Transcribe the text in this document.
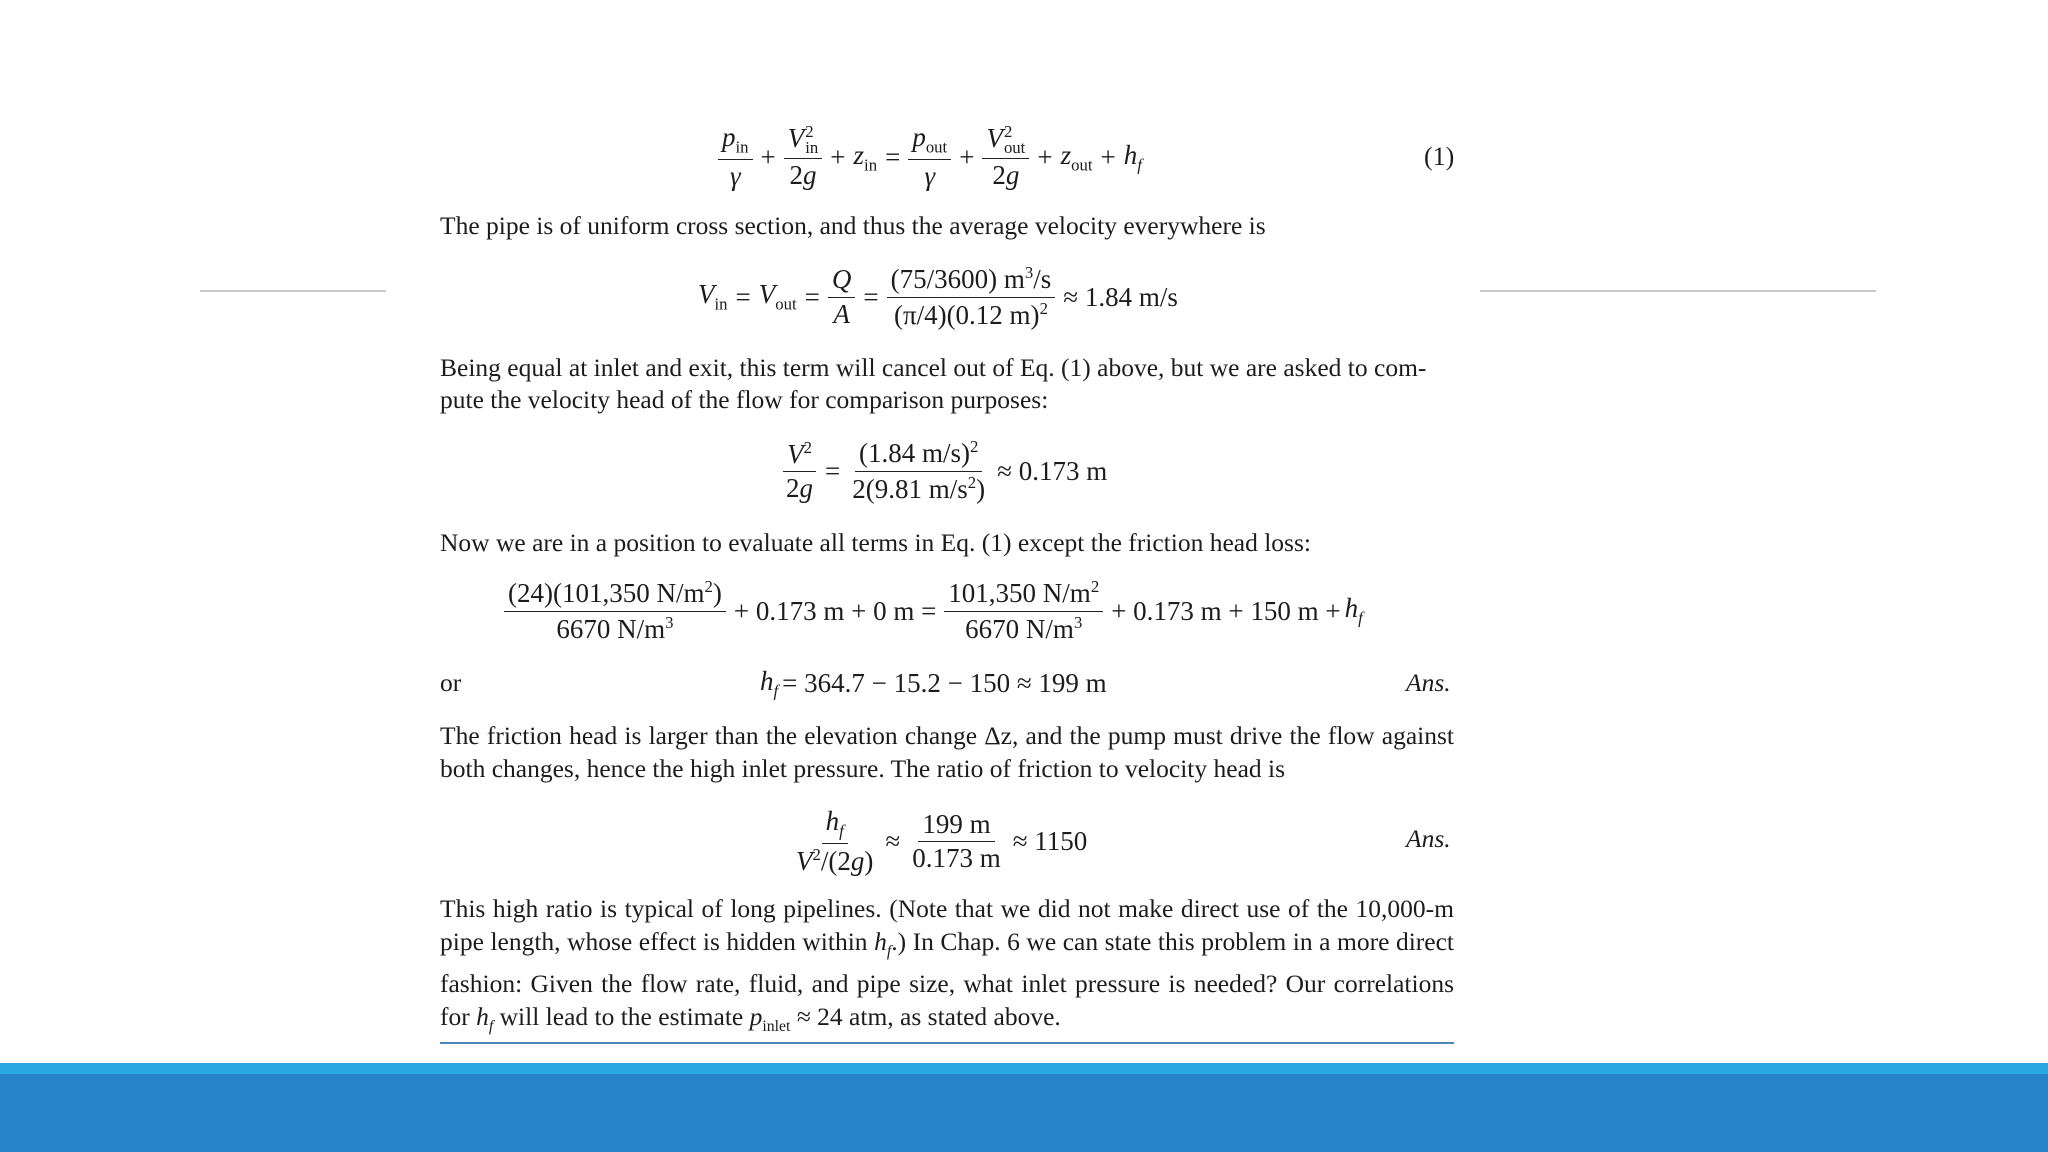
$\frac{p_{in}}{\gamma} + V$ 2
in
$2g + z_{in} = \frac{p_{out}}{\gamma} + V$ 2
out
$2g + z_{out} + h_f$	(1)

The pipe is of uniform cross section, and thus the average velocity everywhere is

$V_{in} = V_{out} = \frac{Q}{A} = \frac{(75/3600) m^3/s}{(\pi/4)(0.12 m)^2} \approx 1.84$ m/s

Being equal at inlet and exit, this term will cancel out of Eq. (1) above, but we are asked to com-

pute the velocity head of the flow for comparison purposes:

$\frac{V^2}{2g} = \frac{(1.84 m/s)^2}{2(9.81 m/s^2)} \approx 0.173$ m

Now we are in a position to evaluate all terms in Eq. (1) except the friction head loss:

$\frac{(24)(101,350 N/m^2)}{6670 N/m^3} + 0.173$ m + 0 $m = \frac{101,350 N/m^2}{6670 N/m^3} + 0.173$ m + 150 $m + h_f$
or	$h_f = 364.7 - 15.2 - 150 \approx 199$ m	Ans.

The friction head is larger than the elevation change Δz, and the pump must drive the flow against both changes, hence the high inlet pressure. The ratio of friction to velocity head is

$\frac{h_f}{V^2/(2g)} \approx \frac{199 m}{0.173 m} \approx 1150$	Ans.

This high ratio is typical of long pipelines. (Note that we did not make direct use of the 10,000-m pipe length, whose effect is hidden within $h_f$.) In Chap. 6 we can state this problem in a more direct fashion: Given the flow rate, fluid, and pipe size, what inlet pressure is needed? Our correlations for $h_f$ will lead to the estimate $p_{inlet} \approx 24$ atm, as stated above.
